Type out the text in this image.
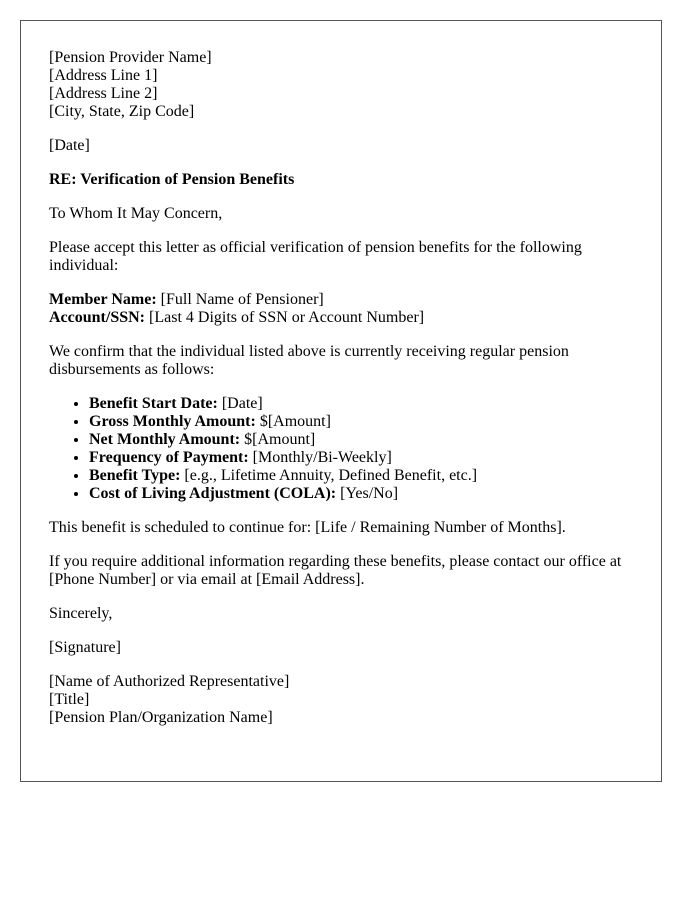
[Pension Provider Name]
[Address Line 1]
[Address Line 2]
[City, State, Zip Code]

[Date]

RE: Verification of Pension Benefits

To Whom It May Concern,

Please accept this letter as official verification of pension benefits for the following individual:

Member Name: [Full Name of Pensioner]
Account/SSN: [Last 4 Digits of SSN or Account Number]

We confirm that the individual listed above is currently receiving regular pension disbursements as follows:

• Benefit Start Date: [Date]
• Gross Monthly Amount: $[Amount]
• Net Monthly Amount: $[Amount]
• Frequency of Payment: [Monthly/Bi-Weekly]
• Benefit Type: [e.g., Lifetime Annuity, Defined Benefit, etc.]
• Cost of Living Adjustment (COLA): [Yes/No]

This benefit is scheduled to continue for: [Life / Remaining Number of Months].

If you require additional information regarding these benefits, please contact our office at [Phone Number] or via email at [Email Address].

Sincerely,

[Signature]

[Name of Authorized Representative]
[Title]
[Pension Plan/Organization Name]
